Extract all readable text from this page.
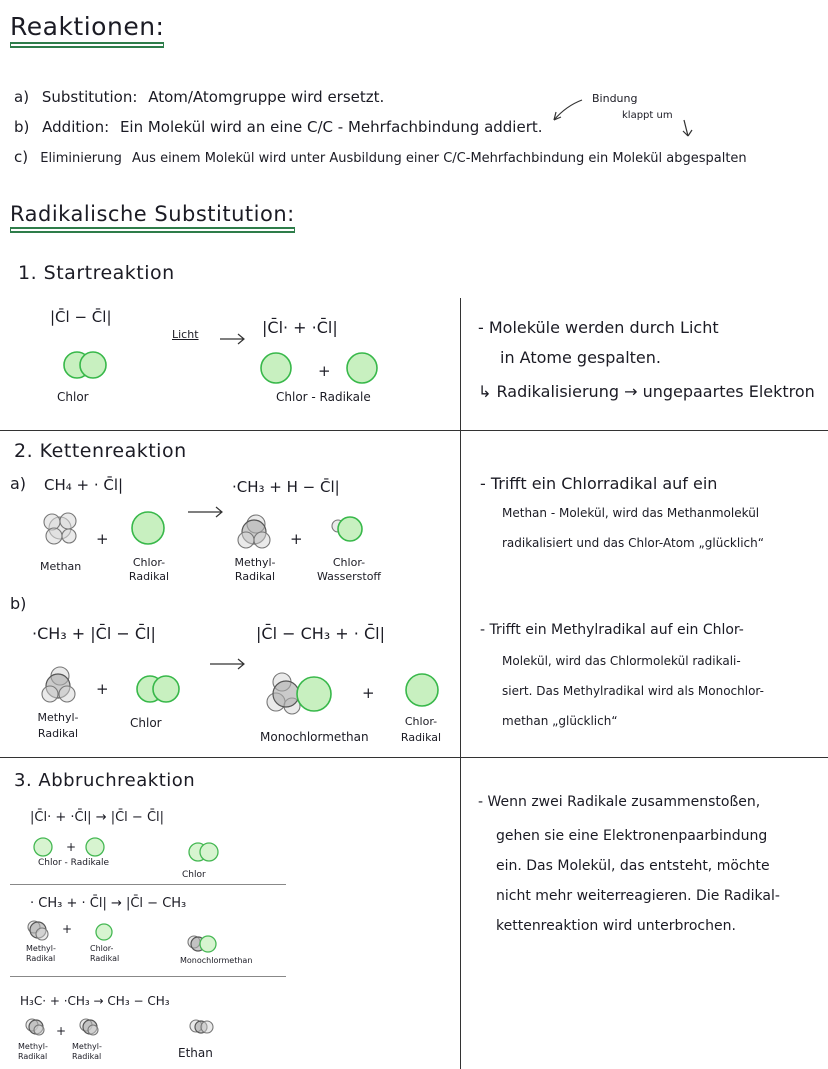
Reaktionen:
a) Substitution: Atom/Atomgruppe wird ersetzt.
b) Addition: Ein Molekül wird an eine C/C - Mehrfachbindung addiert.
c) Eliminierung Aus einem Molekül wird unter Ausbildung einer C/C-Mehrfachbindung ein Molekül abgespalten
Bindung
klappt um
Radikalische Substitution:
1. Startreaktion
|C̄l − C̄l|
Licht →
|C̄l· + ·C̄l|
Chlor
+
Chlor - Radikale
- Moleküle werden durch Licht
in Atome gespalten.
↳ Radikalisierung → ungepaartes Elektron
2. Kettenreaktion
a) CH₄ + · C̄l|	·CH₃ + H − C̄l|
+	+
Methan	Chlor-Radikal
Methyl-Radikal
Chlor-Wasserstoff
b)
·CH₃ + |C̄l − C̄l|	|C̄l − CH₃ + · C̄l|
+	+
Methyl-Radikal
Chlor
Monochlormethan
Chlor-Radikal
- Trifft ein Chlorradikal auf ein
Methan - Molekül, wird das Methanmolekül
radikalisiert und das Chlor-Atom „glücklich“
- Trifft ein Methylradikal auf ein Chlor-
Molekül, wird das Chlormolekül radikali-
siert. Das Methylradikal wird als Monochlor-
methan „glücklich“
3. Abbruchreaktion
|C̄l· + ·C̄l| → |C̄l − C̄l|
+
Chlor - Radikale
Chlor
· CH₃ + · C̄l| → |C̄l − CH₃
+
Methyl-Radikal
Chlor-Radikal	Monochlormethan
H₃C· + ·CH₃ → CH₃ − CH₃
+
Methyl-Radikal
Methyl-Radikal	Ethan
- Wenn zwei Radikale zusammenstoßen,
gehen sie eine Elektronenpaarbindung
ein. Das Molekül, das entsteht, möchte
nicht mehr weiterreagieren. Die Radikal-
kettenreaktion wird unterbrochen.
